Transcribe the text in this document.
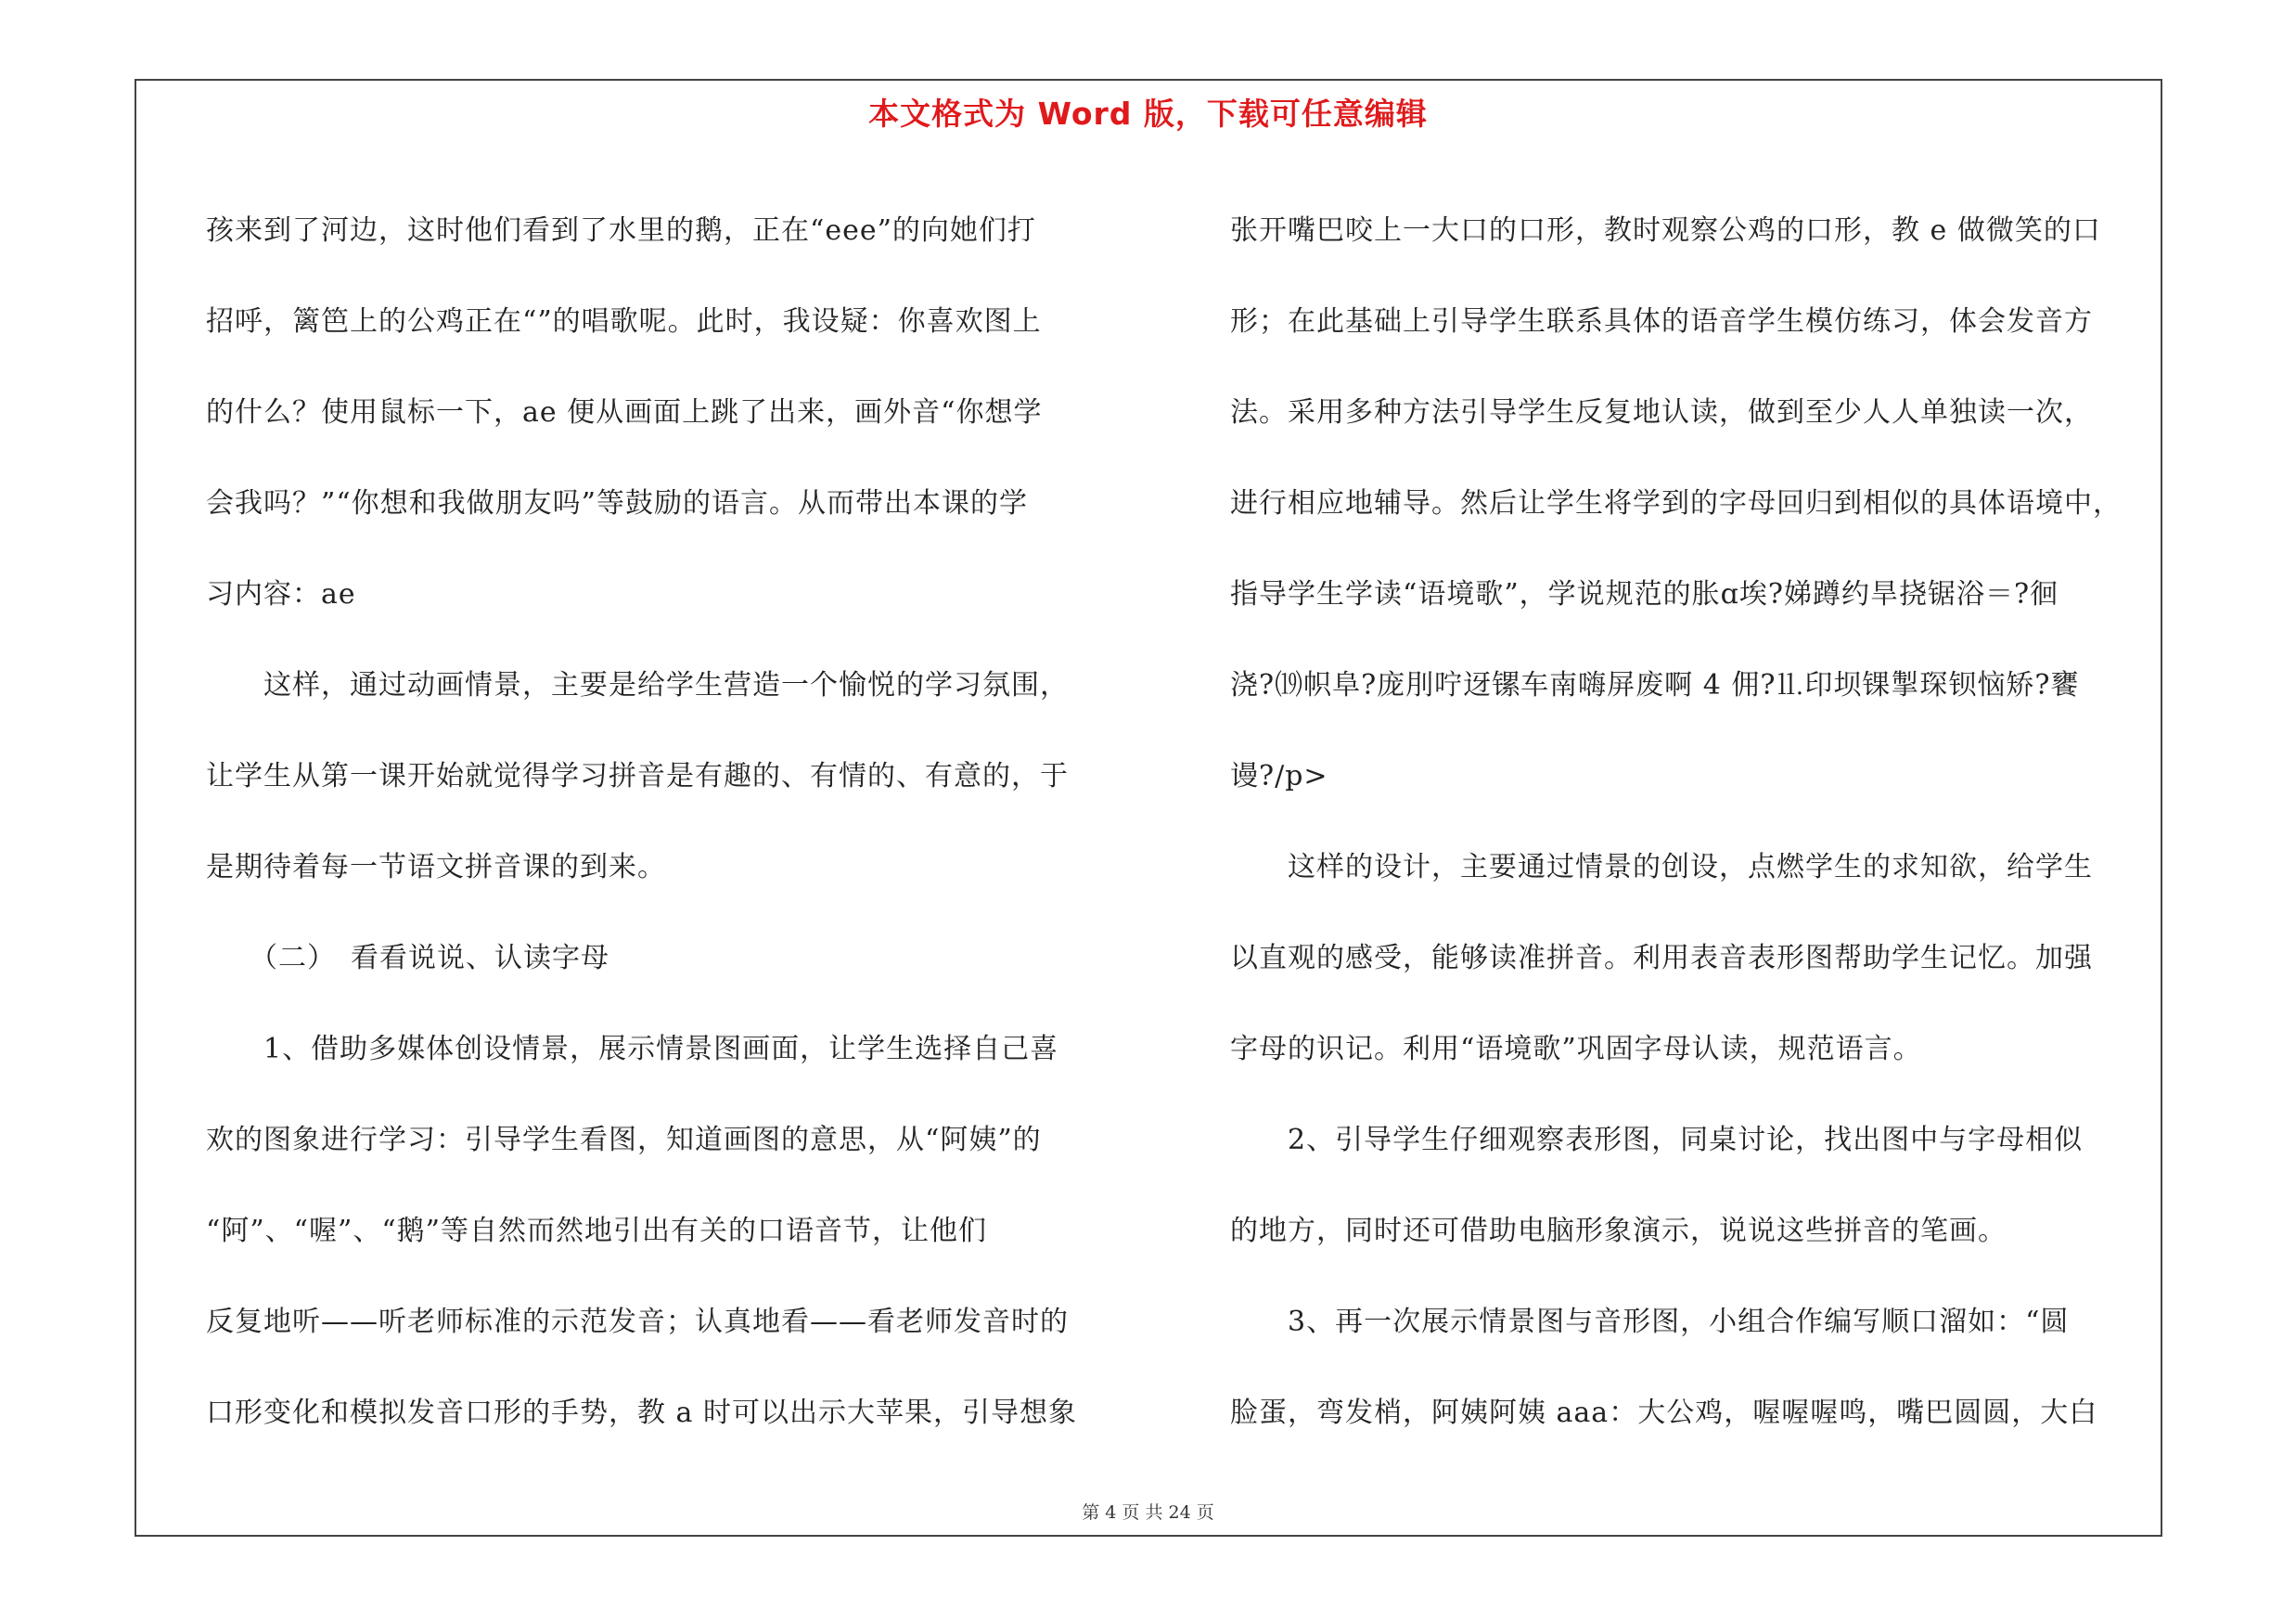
本文格式为 Word 版，下载可任意编辑
孩来到了河边，这时他们看到了水里的鹅，正在“eee”的向她们打
招呼，篱笆上的公鸡正在“”的唱歌呢。此时，我设疑：你喜欢图上
的什么？使用鼠标一下，ae 便从画面上跳了出来，画外音“你想学
会我吗？”“你想和我做朋友吗”等鼓励的语言。从而带出本课的学
习内容：ae
　　这样，通过动画情景，主要是给学生营造一个愉悦的学习氛围，
让学生从第一课开始就觉得学习拼音是有趣的、有情的、有意的，于
是期待着每一节语文拼音课的到来。
　　（二）　看看说说、认读字母
　　1、借助多媒体创设情景，展示情景图画面，让学生选择自己喜
欢的图象进行学习：引导学生看图，知道画图的意思，从“阿姨”的
“阿”、“喔”、“鹅”等自然而然地引出有关的口语音节，让他们
反复地听——听老师标准的示范发音；认真地看——看老师发音时的
口形变化和模拟发音口形的手势，教 a 时可以出示大苹果，引导想象
张开嘴巴咬上一大口的口形，教时观察公鸡的口形，教 e 做微笑的口
形；在此基础上引导学生联系具体的语音学生模仿练习，体会发音方
法。采用多种方法引导学生反复地认读，做到至少人人单独读一次，
进行相应地辅导。然后让学生将学到的字母回归到相似的具体语境中，
指导学生学读“语境歌”，学说规范的胀ɑ埃?娣蹲约旱挠锯浴＝?徊
浇?⒆帜阜?庞刖咛迓镙车南嗨屏废啊 4 佣?⒒印坝锞掣琛钡恼矫?饔
谩?/p>
　　这样的设计，主要通过情景的创设，点燃学生的求知欲，给学生
以直观的感受，能够读准拼音。利用表音表形图帮助学生记忆。加强
字母的识记。利用“语境歌”巩固字母认读，规范语言。
　　2、引导学生仔细观察表形图，同桌讨论，找出图中与字母相似
的地方，同时还可借助电脑形象演示，说说这些拼音的笔画。
　　3、再一次展示情景图与音形图，小组合作编写顺口溜如：“圆
脸蛋，弯发梢，阿姨阿姨 aaa：大公鸡，喔喔喔鸣，嘴巴圆圆，大白
第 4 页 共 24 页
